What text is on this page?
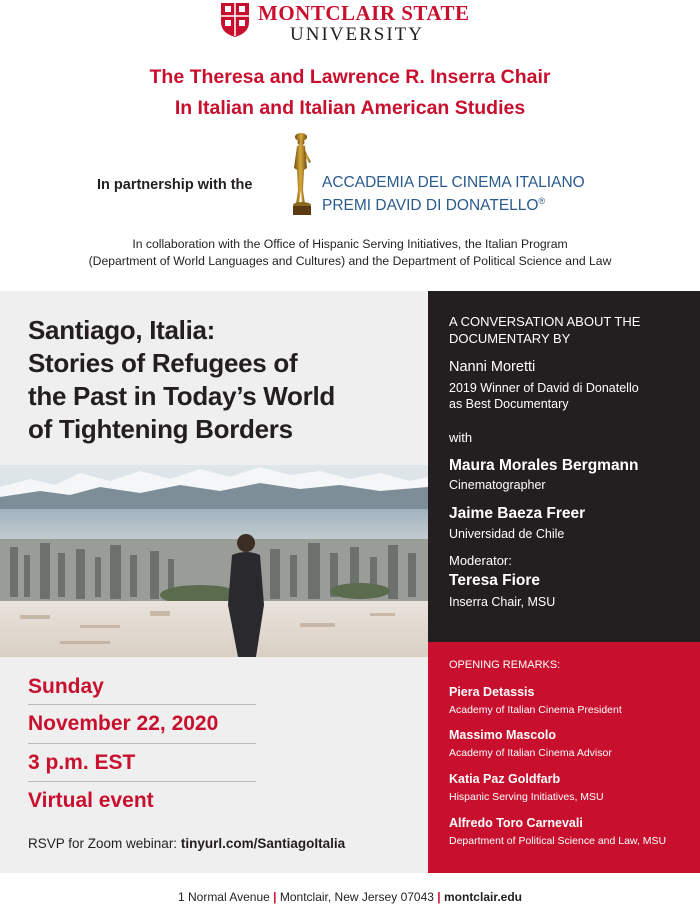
MONTCLAIR STATE
UNIVERSITY
The Theresa and Lawrence R. Inserra Chair
In Italian and Italian American Studies
In partnership with the	ACCADEMIA DEL CINEMA ITALIANO
PREMI DAVID DI DONATELLO®
In collaboration with the Office of Hispanic Serving Initiatives, the Italian Program
(Department of World Languages and Cultures) and the Department of Political Science and Law
Santiago, Italia:
Stories of Refugees of
the Past in Today’s World
of Tightening Borders
Sunday
November 22, 2020
3 p.m. EST
Virtual event
RSVP for Zoom webinar: tinyurl.com/SantiagoItalia
A CONVERSATION ABOUT THE
DOCUMENTARY BY
Nanni Moretti
2019 Winner of David di Donatello
as Best Documentary
with
Maura Morales Bergmann
Cinematographer
Jaime Baeza Freer
Universidad de Chile
Moderator:
Teresa Fiore
Inserra Chair, MSU
OPENING REMARKS:
Piera Detassis
Academy of Italian Cinema President
Massimo Mascolo
Academy of Italian Cinema Advisor
Katia Paz Goldfarb
Hispanic Serving Initiatives, MSU
Alfredo Toro Carnevali
Department of Political Science and Law, MSU
1 Normal Avenue | Montclair, New Jersey 07043 | montclair.edu
